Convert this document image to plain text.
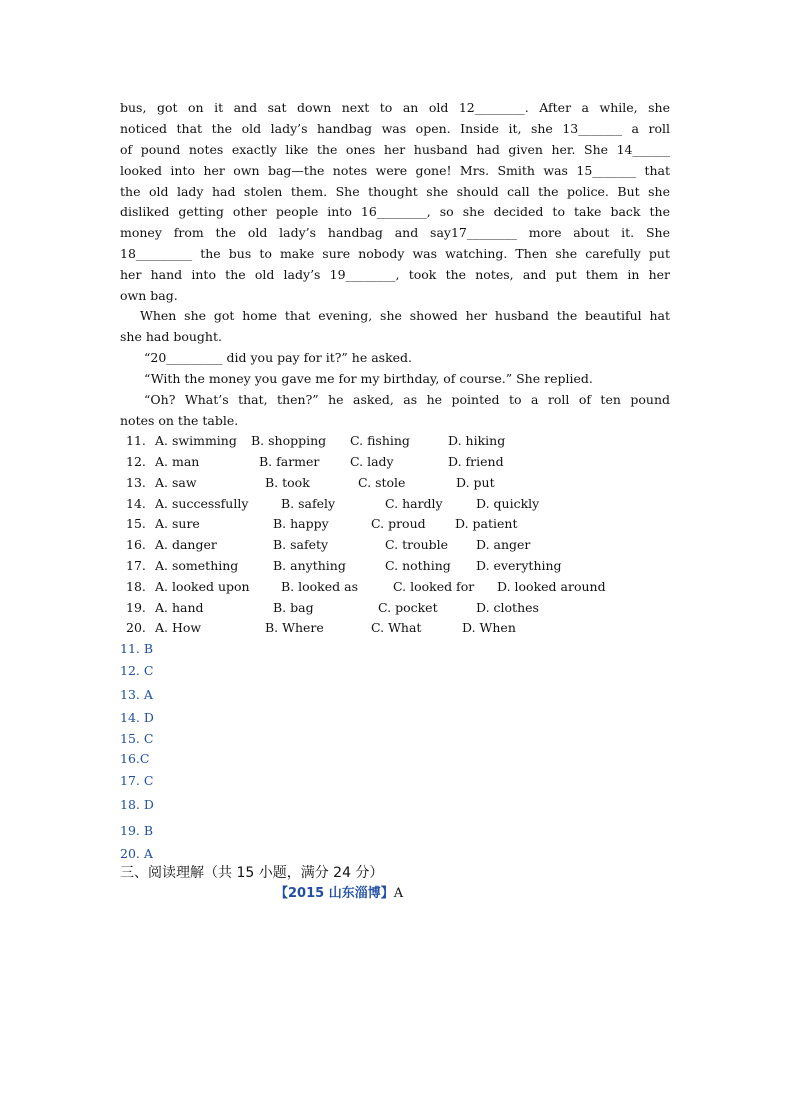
bus, got on it and sat down next to an old 12________. After a while, she
noticed that the old lady’s handbag was open. Inside it, she 13_______ a roll
of pound notes exactly like the ones her husband had given her. She 14______
looked into her own bag—the notes were gone! Mrs. Smith was 15_______ that
the old lady had stolen them. She thought she should call the police. But she
disliked getting other people into 16________, so she decided to take back the
money from the old lady’s handbag and say17________ more about it. She
18_________ the bus to make sure nobody was watching. Then she carefully put
her hand into the old lady’s 19________, took the notes, and put them in her
own bag.
When she got home that evening, she showed her husband the beautiful hat
she had bought.
“20_________ did you pay for it?” he asked.
“With the money you gave me for my birthday, of course.” She replied.
“Oh? What’s that, then?” he asked, as he pointed to a roll of ten pound
notes on the table.
11. A. swimming B. shopping C. fishing	D. hiking
12. A. man	B. farmer C. lady	D. friend
13. A. saw	B. took	C. stole	D. put
14. A. successfully	B. safely	C. hardly	D. quickly
15. A. sure	B. happy	C. proud D. patient
16. A. danger	B. safety	C. trouble D. anger
17. A. something	B. anything	C. nothing D. everything
18. A. looked upon	B. looked as	C. looked for D. looked around
19. A. hand	B. bag	C. pocket	D. clothes
20. A. How	B. Where	C. What	D. When
11. B
12. C
13. A
14. D
15. C
16.C
17. C
18. D
19. B
20. A
三、阅读理解（共 15 小题，满分 24 分）
【2015 山东淄博】A
